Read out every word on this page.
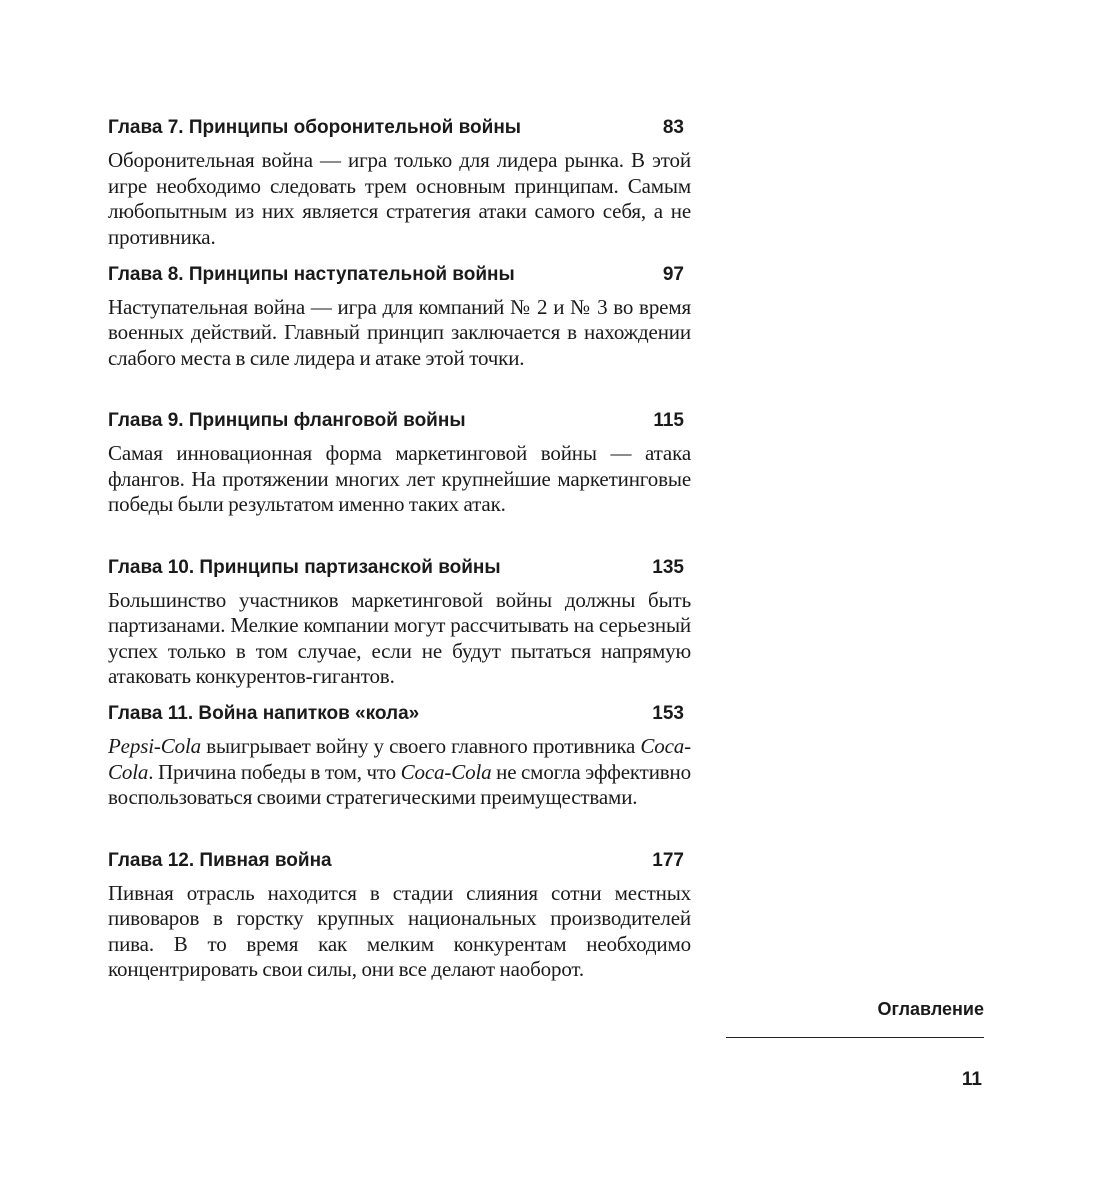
Глава 7. Принципы оборонительной войны	83

Оборонительная война — игра только для лидера рынка. В этой игре необходимо следовать трем основным принципам. Самым любопытным из них является стратегия атаки самого себя, а не противника.

Глава 8. Принципы наступательной войны	97

Наступательная война — игра для компаний № 2 и № 3 во время военных действий. Главный принцип заключается в нахождении слабого места в силе лидера и атаке этой точки.

Глава 9. Принципы фланговой войны	115

Самая инновационная форма маркетинговой войны — атака флангов. На протяжении многих лет крупнейшие маркетинговые победы были результатом именно таких атак.

Глава 10. Принципы партизанской войны	135

Большинство участников маркетинговой войны должны быть партизанами. Мелкие компании могут рассчитывать на серьезный успех только в том случае, если не будут пытаться напрямую атаковать конкурентов-гигантов.

Глава 11. Война напитков «кола»	153

Pepsi-Cola выигрывает войну у своего главного противника Coca-Cola. Причина победы в том, что Coca-Cola не смогла эффективно воспользоваться своими стратегическими преимуществами.

Глава 12. Пивная война	177

Пивная отрасль находится в стадии слияния сотни местных пивоваров в горстку крупных национальных производителей пива. В то время как мелким конкурентам необходимо концентрировать свои силы, они все делают наоборот.

Оглавление
11
